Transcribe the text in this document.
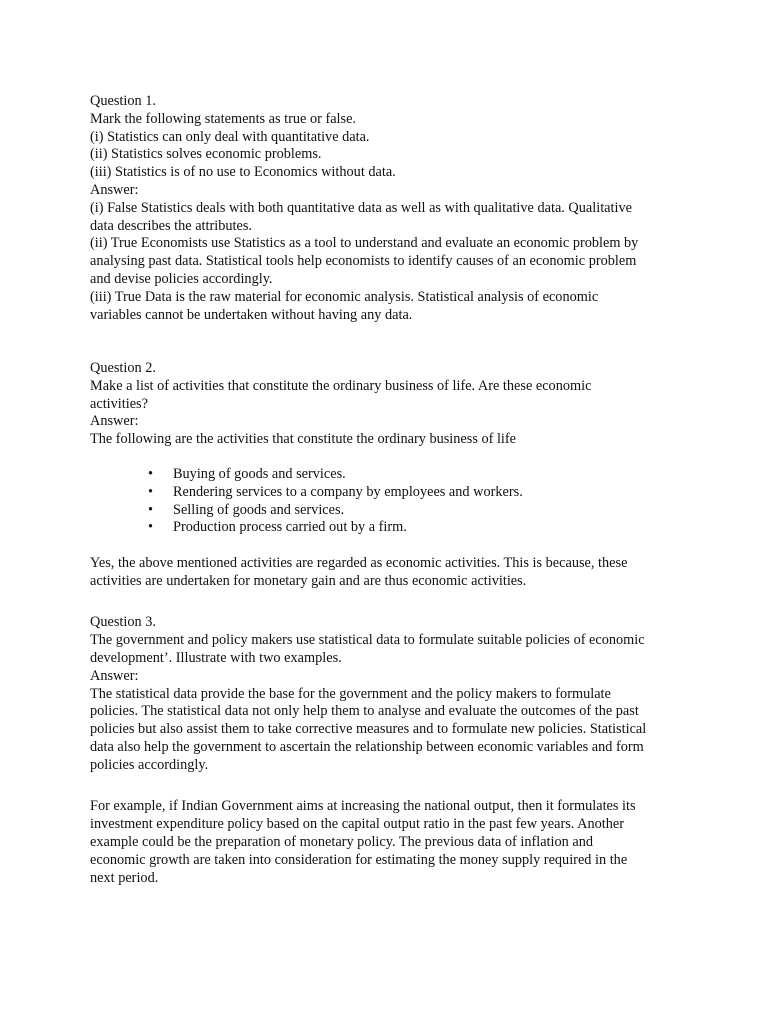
Question 1.
Mark the following statements as true or false.
(i) Statistics can only deal with quantitative data.
(ii) Statistics solves economic problems.
(iii) Statistics is of no use to Economics without data.
Answer:
(i) False Statistics deals with both quantitative data as well as with qualitative data. Qualitative
data describes the attributes.
(ii) True Economists use Statistics as a tool to understand and evaluate an economic problem by
analysing past data. Statistical tools help economists to identify causes of an economic problem
and devise policies accordingly.
(iii) True Data is the raw material for economic analysis. Statistical analysis of economic
variables cannot be undertaken without having any data.
Question 2.
Make a list of activities that constitute the ordinary business of life. Are these economic
activities?
Answer:
The following are the activities that constitute the ordinary business of life
• Buying of goods and services.
• Rendering services to a company by employees and workers.
• Selling of goods and services.
• Production process carried out by a firm.
Yes, the above mentioned activities are regarded as economic activities. This is because, these
activities are undertaken for monetary gain and are thus economic activities.
Question 3.
The government and policy makers use statistical data to formulate suitable policies of economic
development’. Illustrate with two examples.
Answer:
The statistical data provide the base for the government and the policy makers to formulate
policies. The statistical data not only help them to analyse and evaluate the outcomes of the past
policies but also assist them to take corrective measures and to formulate new policies. Statistical
data also help the government to ascertain the relationship between economic variables and form
policies accordingly.
For example, if Indian Government aims at increasing the national output, then it formulates its
investment expenditure policy based on the capital output ratio in the past few years. Another
example could be the preparation of monetary policy. The previous data of inflation and
economic growth are taken into consideration for estimating the money supply required in the
next period.
